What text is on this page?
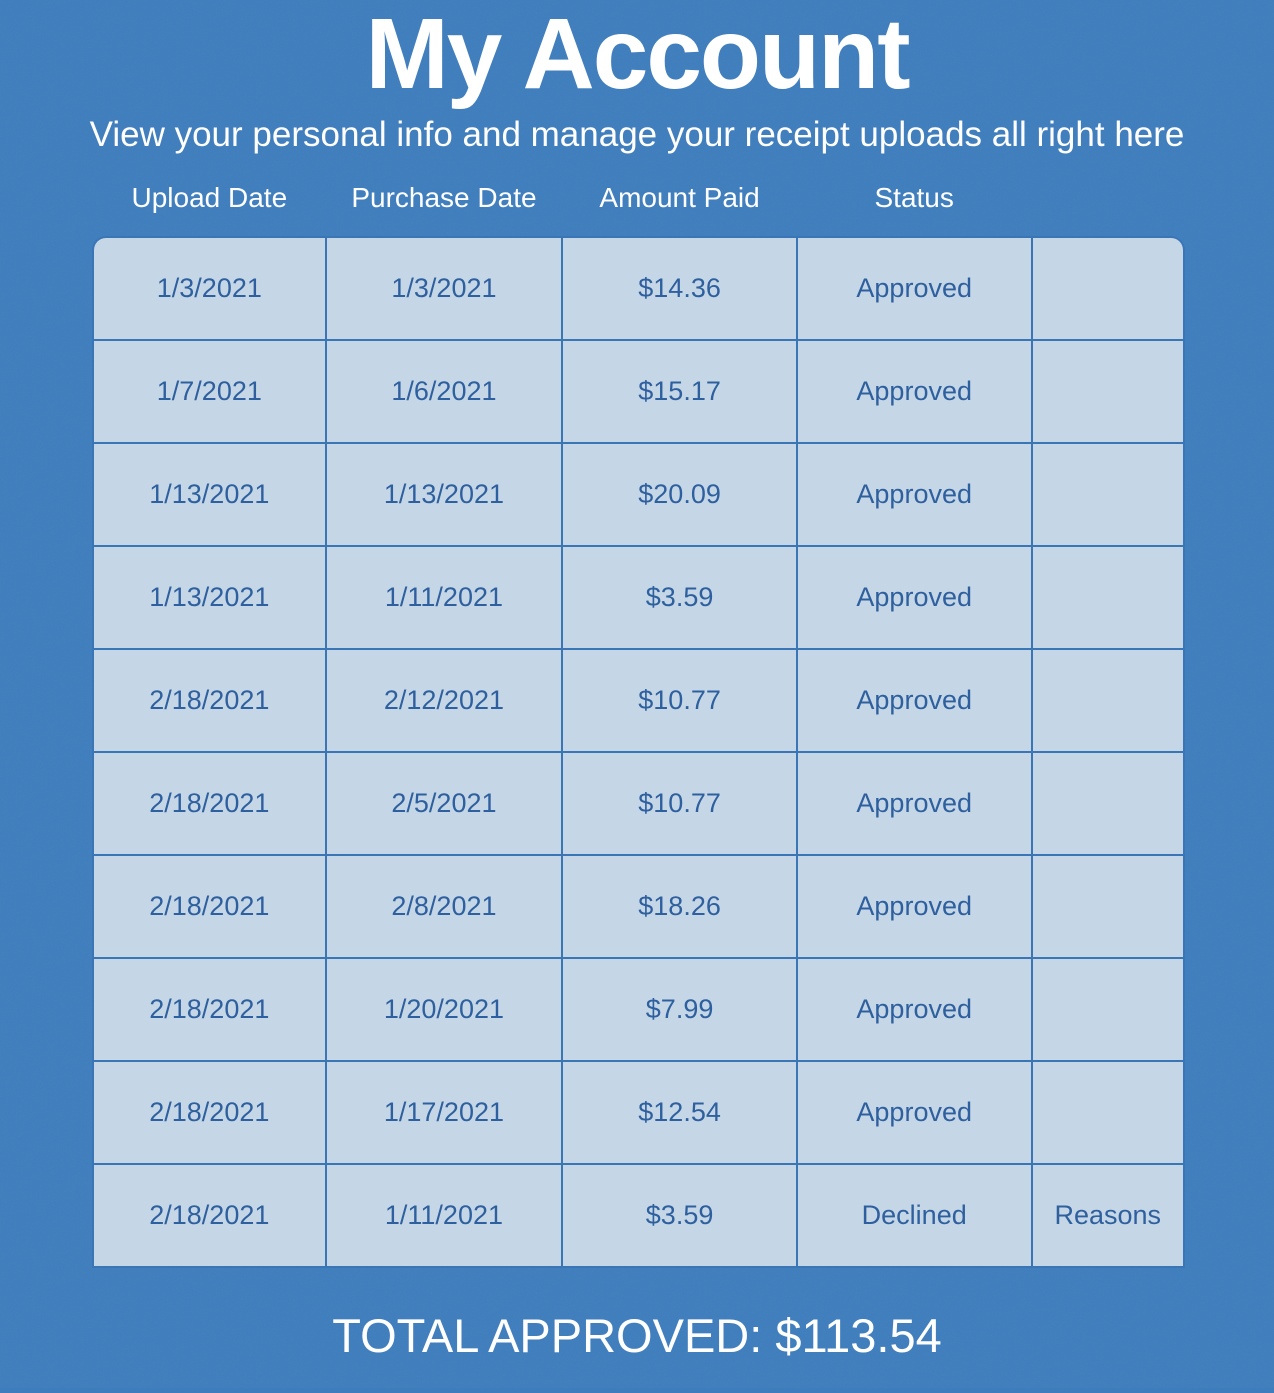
My Account

View your personal info and manage your receipt uploads all right here

Upload Date	Purchase Date	Amount Paid	Status
1/3/2021	1/3/2021	$14.36	Approved
1/7/2021	1/6/2021	$15.17	Approved
1/13/2021	1/13/2021	$20.09	Approved
1/13/2021	1/11/2021	$3.59	Approved
2/18/2021	2/12/2021	$10.77	Approved
2/18/2021	2/5/2021	$10.77	Approved
2/18/2021	2/8/2021	$18.26	Approved
2/18/2021	1/20/2021	$7.99	Approved
2/18/2021	1/17/2021	$12.54	Approved
2/18/2021	1/11/2021	$3.59	Declined	Reasons
TOTAL APPROVED: $113.54
